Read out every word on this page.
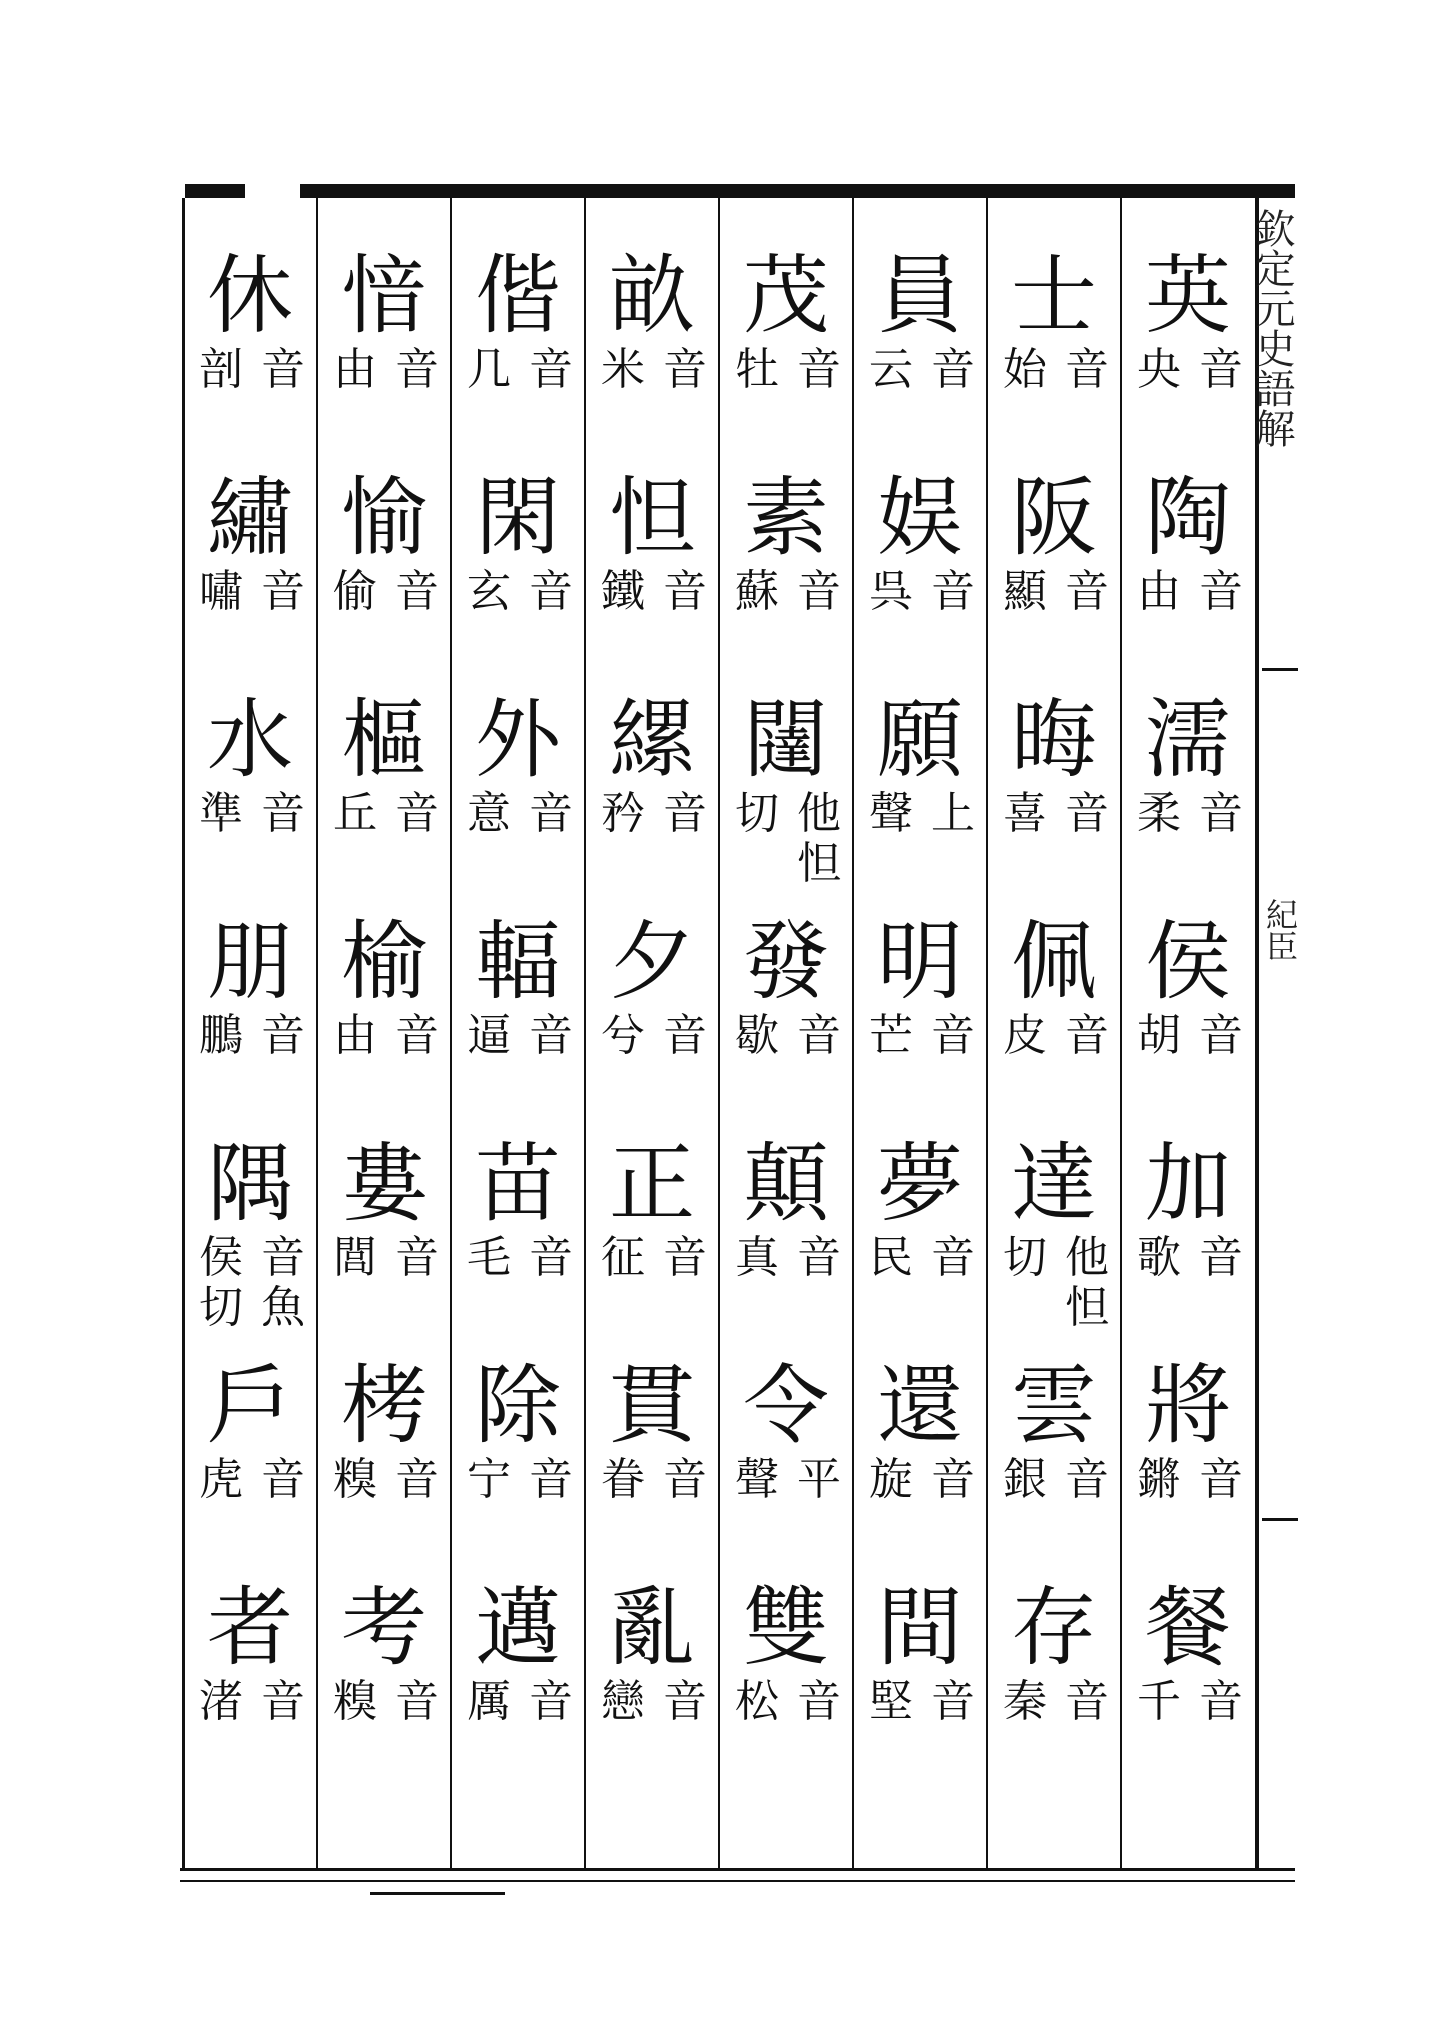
英
音
央
陶
音
由
濡
音
柔
侯
音
胡
加
音
歌
將
音
鏘
餐
音
千
士
音
始
阪
音
顯
晦
音
喜
佩
音
皮
達
他
切
怛
雲
音
銀
存
音
秦
員
音
云
娱
音
呉
願
上
聲
明
音
芒
夢
音
民
還
音
旋
間
音
堅
茂
音
牡
素
音
蘇
闥
他
切
怛
發
音
歇
顛
音
真
令
平
聲
雙
音
松
畝
音
米
怛
音
鐵
縲
音
矜
夕
音
兮
正
音
征
貫
音
眷
亂
音
戀
偕
音
几
閑
音
玄
外
音
意
輻
音
逼
苗
音
毛
除
音
宁
邁
音
厲
愔
音
由
愉
音
偷
樞
音
丘
榆
音
由
婁
音
閭
栲
音
糗
考
音
糗
休
音
剖
繡
音
嘯
水
音
準
朋
音
鵬
隅
音
侯
魚
切
戶
音
虎
者
音
渚
欽定元史語解
紀臣
